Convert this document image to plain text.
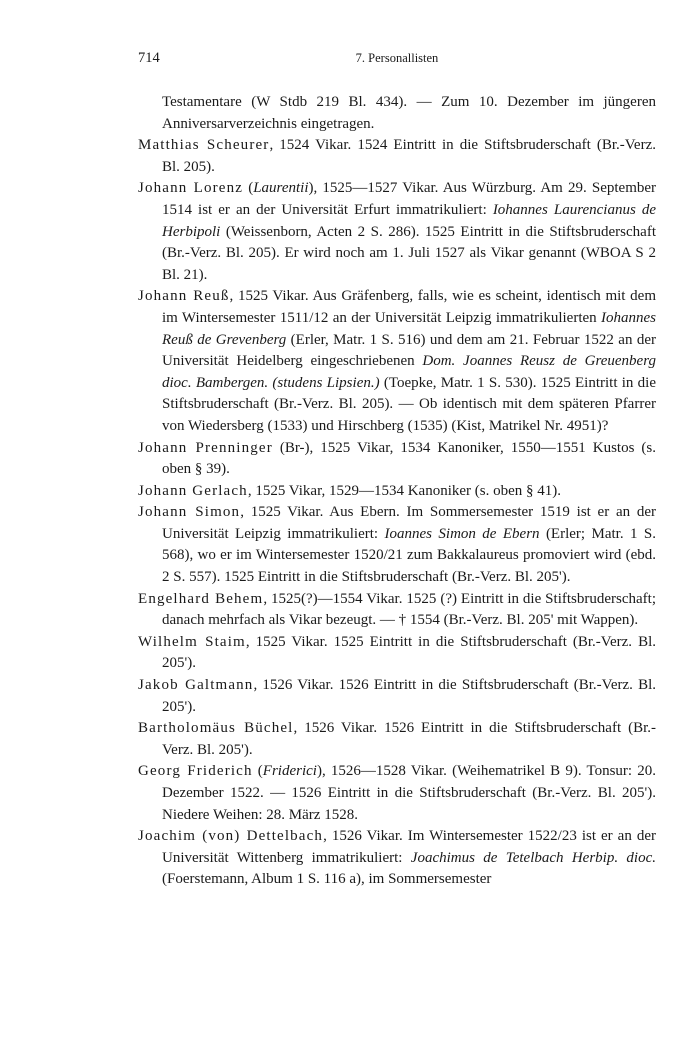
714	7. Personallisten

Testamentare (W Stdb 219 Bl. 434). — Zum 10. Dezember im jüngeren Anniversarverzeichnis eingetragen.

Matthias Scheurer, 1524 Vikar. 1524 Eintritt in die Stiftsbruderschaft (Br.-Verz. Bl. 205).

Johann Lorenz (Laurentii), 1525—1527 Vikar. Aus Würzburg. Am 29. September 1514 ist er an der Universität Erfurt immatrikuliert: Iohannes Laurencianus de Herbipoli (Weissenborn, Acten 2 S. 286). 1525 Eintritt in die Stiftsbruderschaft (Br.-Verz. Bl. 205). Er wird noch am 1. Juli 1527 als Vikar genannt (WBOA S 2 Bl. 21).

Johann Reuß, 1525 Vikar. Aus Gräfenberg, falls, wie es scheint, identisch mit dem im Wintersemester 1511/12 an der Universität Leipzig immatrikulierten Iohannes Reuß de Grevenberg (Erler, Matr. 1 S. 516) und dem am 21. Februar 1522 an der Universität Heidelberg eingeschriebenen Dom. Joannes Reusz de Greuenberg dioc. Bambergen. (studens Lipsien.) (Toepke, Matr. 1 S. 530). 1525 Eintritt in die Stiftsbruderschaft (Br.-Verz. Bl. 205). — Ob identisch mit dem späteren Pfarrer von Wiedersberg (1533) und Hirschberg (1535) (Kist, Matrikel Nr. 4951)?

Johann Prenninger (Br-), 1525 Vikar, 1534 Kanoniker, 1550—1551 Kustos (s. oben § 39).

Johann Gerlach, 1525 Vikar, 1529—1534 Kanoniker (s. oben § 41).

Johann Simon, 1525 Vikar. Aus Ebern. Im Sommersemester 1519 ist er an der Universität Leipzig immatrikuliert: Ioannes Simon de Ebern (Erler; Matr. 1 S. 568), wo er im Wintersemester 1520/21 zum Bakkalaureus promoviert wird (ebd. 2 S. 557). 1525 Eintritt in die Stiftsbruderschaft (Br.-Verz. Bl. 205').

Engelhard Behem, 1525(?)—1554 Vikar. 1525 (?) Eintritt in die Stiftsbruderschaft; danach mehrfach als Vikar bezeugt. — † 1554 (Br.-Verz. Bl. 205' mit Wappen).

Wilhelm Staim, 1525 Vikar. 1525 Eintritt in die Stiftsbruderschaft (Br.-Verz. Bl. 205').

Jakob Galtmann, 1526 Vikar. 1526 Eintritt in die Stiftsbruderschaft (Br.-Verz. Bl. 205').

Bartholomäus Büchel, 1526 Vikar. 1526 Eintritt in die Stiftsbruderschaft (Br.-Verz. Bl. 205').

Georg Friderich (Friderici), 1526—1528 Vikar. (Weihematrikel B 9). Tonsur: 20. Dezember 1522. — 1526 Eintritt in die Stiftsbruderschaft (Br.-Verz. Bl. 205'). Niedere Weihen: 28. März 1528.

Joachim (von) Dettelbach, 1526 Vikar. Im Wintersemester 1522/23 ist er an der Universität Wittenberg immatrikuliert: Joachimus de Tetelbach Herbip. dioc. (Foerstemann, Album 1 S. 116 a), im Sommersemester
